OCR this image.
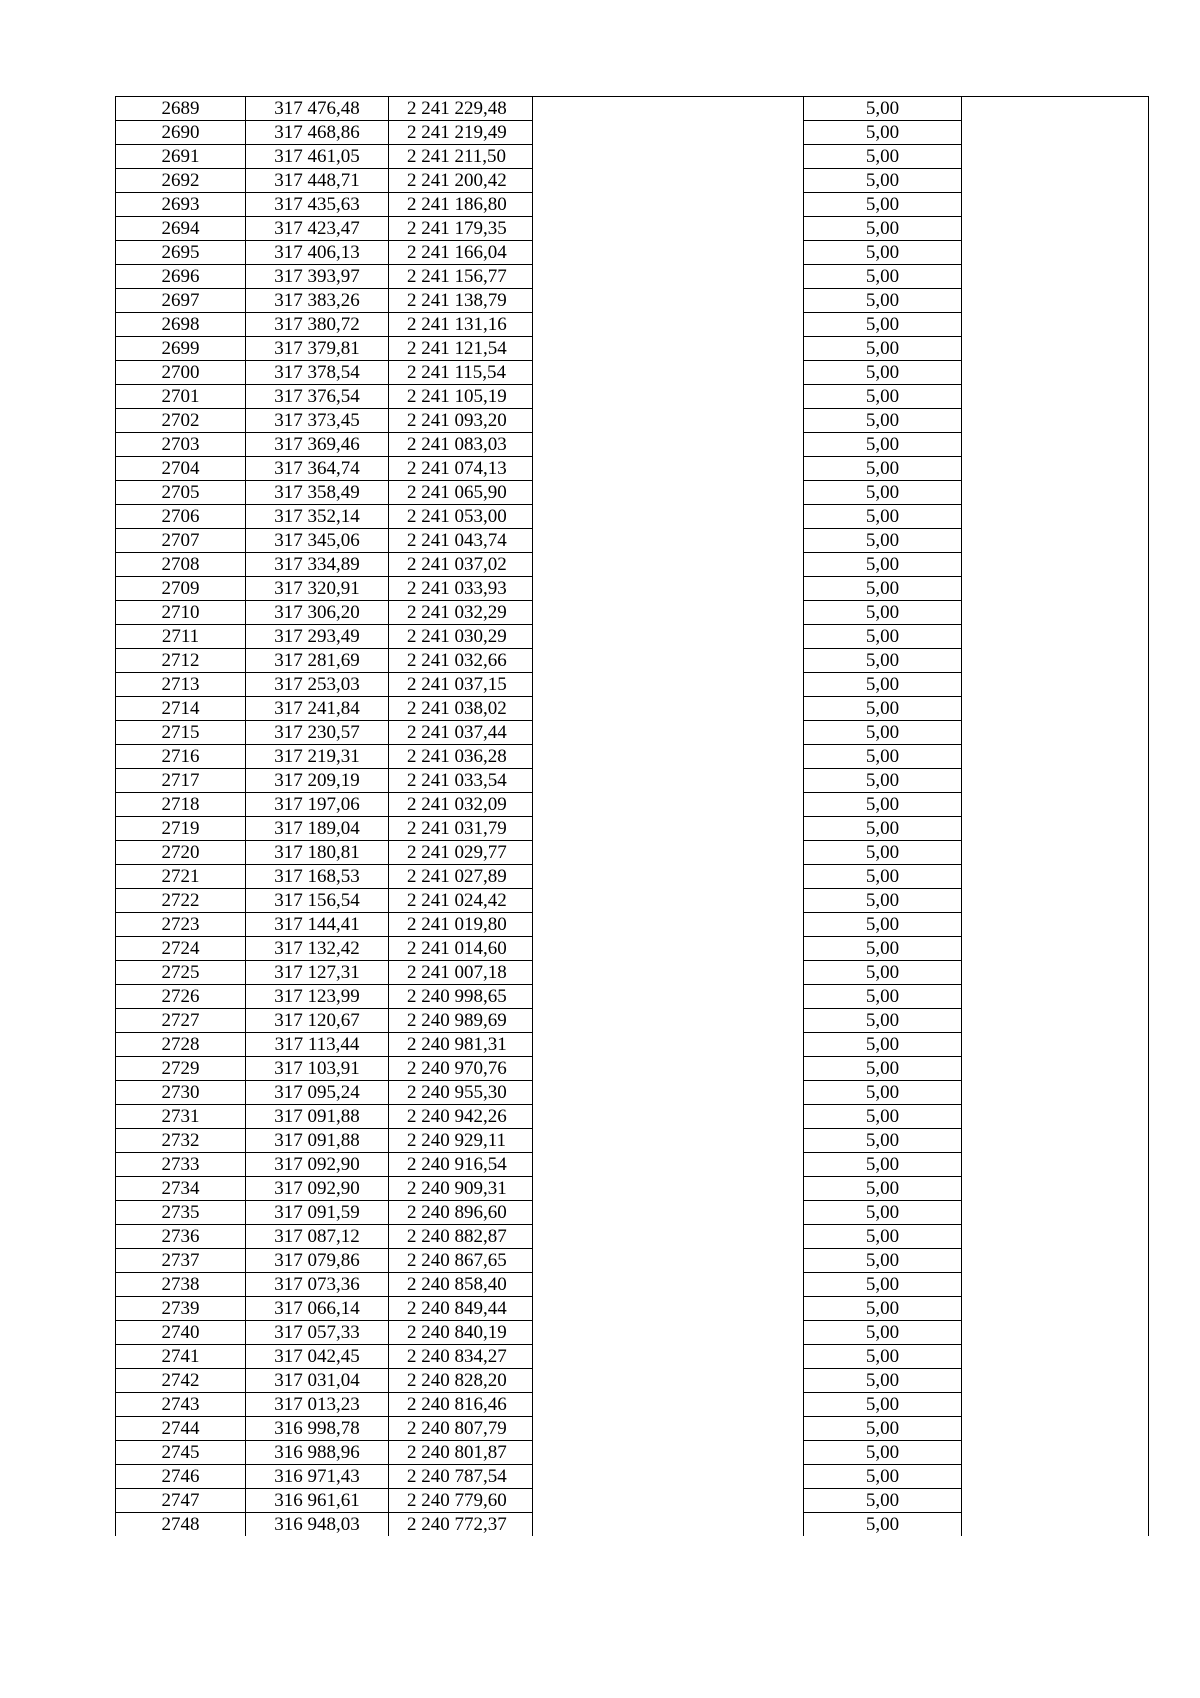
2689	317 476,48	2 241 229,48		5,00	
2690	317 468,86	2 241 219,49		5,00	
2691	317 461,05	2 241 211,50		5,00	
2692	317 448,71	2 241 200,42		5,00	
2693	317 435,63	2 241 186,80		5,00	
2694	317 423,47	2 241 179,35		5,00	
2695	317 406,13	2 241 166,04		5,00	
2696	317 393,97	2 241 156,77		5,00	
2697	317 383,26	2 241 138,79		5,00	
2698	317 380,72	2 241 131,16		5,00	
2699	317 379,81	2 241 121,54		5,00	
2700	317 378,54	2 241 115,54		5,00	
2701	317 376,54	2 241 105,19		5,00	
2702	317 373,45	2 241 093,20		5,00	
2703	317 369,46	2 241 083,03		5,00	
2704	317 364,74	2 241 074,13		5,00	
2705	317 358,49	2 241 065,90		5,00	
2706	317 352,14	2 241 053,00		5,00	
2707	317 345,06	2 241 043,74		5,00	
2708	317 334,89	2 241 037,02		5,00	
2709	317 320,91	2 241 033,93		5,00	
2710	317 306,20	2 241 032,29		5,00	
2711	317 293,49	2 241 030,29		5,00	
2712	317 281,69	2 241 032,66		5,00	
2713	317 253,03	2 241 037,15		5,00	
2714	317 241,84	2 241 038,02		5,00	
2715	317 230,57	2 241 037,44		5,00	
2716	317 219,31	2 241 036,28		5,00	
2717	317 209,19	2 241 033,54		5,00	
2718	317 197,06	2 241 032,09		5,00	
2719	317 189,04	2 241 031,79		5,00	
2720	317 180,81	2 241 029,77		5,00	
2721	317 168,53	2 241 027,89		5,00	
2722	317 156,54	2 241 024,42		5,00	
2723	317 144,41	2 241 019,80		5,00	
2724	317 132,42	2 241 014,60		5,00	
2725	317 127,31	2 241 007,18		5,00	
2726	317 123,99	2 240 998,65		5,00	
2727	317 120,67	2 240 989,69		5,00	
2728	317 113,44	2 240 981,31		5,00	
2729	317 103,91	2 240 970,76		5,00	
2730	317 095,24	2 240 955,30		5,00	
2731	317 091,88	2 240 942,26		5,00	
2732	317 091,88	2 240 929,11		5,00	
2733	317 092,90	2 240 916,54		5,00	
2734	317 092,90	2 240 909,31		5,00	
2735	317 091,59	2 240 896,60		5,00	
2736	317 087,12	2 240 882,87		5,00	
2737	317 079,86	2 240 867,65		5,00	
2738	317 073,36	2 240 858,40		5,00	
2739	317 066,14	2 240 849,44		5,00	
2740	317 057,33	2 240 840,19		5,00	
2741	317 042,45	2 240 834,27		5,00	
2742	317 031,04	2 240 828,20		5,00	
2743	317 013,23	2 240 816,46		5,00	
2744	316 998,78	2 240 807,79		5,00	
2745	316 988,96	2 240 801,87		5,00	
2746	316 971,43	2 240 787,54		5,00	
2747	316 961,61	2 240 779,60		5,00	
2748	316 948,03	2 240 772,37		5,00	
